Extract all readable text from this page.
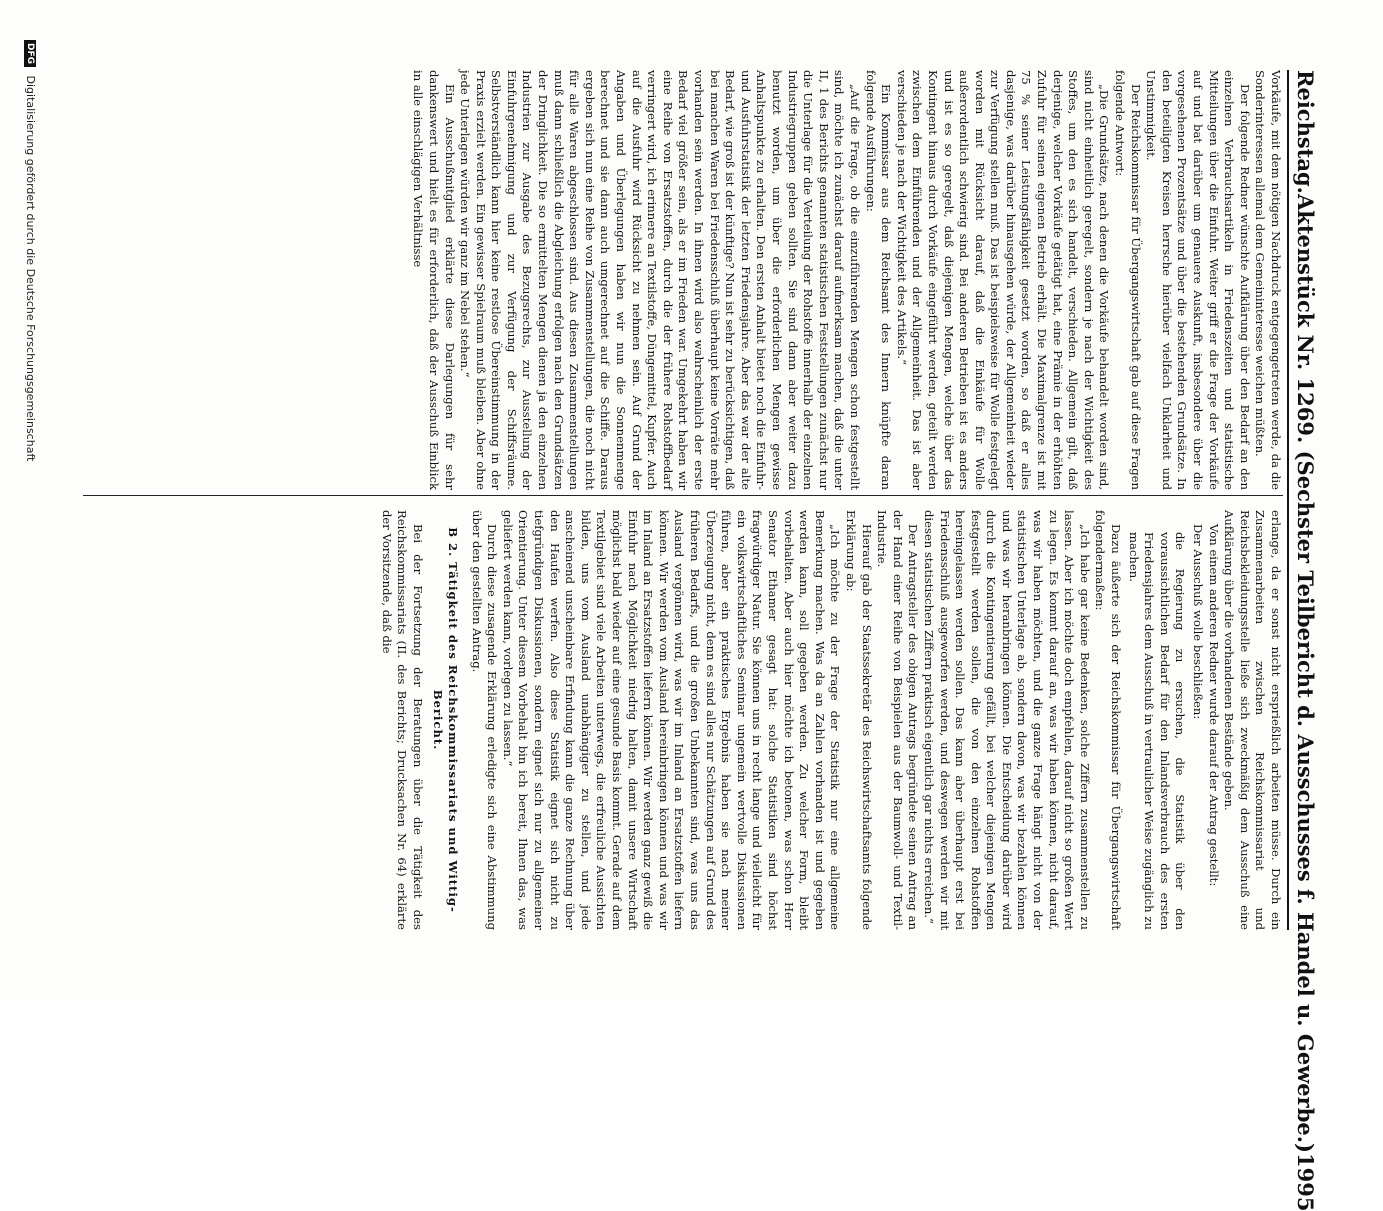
Reichstag.
Aktenstück Nr. 1269. (Sechster Teilbericht d. Ausschusses f. Handel u. Gewerbe.)
1995

Vorkäufe, mit dem nötigen Nachdruck entgegengetreten werde, da die Sonderinteressen allemal dem Gemeininteresse weichen müßten.

Der folgende Redner wünschte Aufklärung über den Bedarf an den einzelnen Verbrauchsartikeln in Friedenszeiten und statistische Mitteilungen über die Einfuhr. Weiter griff er die Frage der Vorkäufe auf und bat darüber um genauere Auskunft, insbesondere über die vorgesehenen Prozentsätze und über die bestehenden Grundsätze. In den beteiligten Kreisen herrsche hierüber vielfach Unklarheit und Unstimmigkeit.

Der Reichskommissar für Übergangswirtschaft gab auf diese Fragen folgende Antwort:

„Die Grundsätze, nach denen die Vorkäufe behandelt worden sind, sind nicht einheitlich geregelt, sondern je nach der Wichtigkeit des Stoffes, um den es sich handelt, verschieden. Allgemein gilt, daß derjenige, welcher Vorkäufe getätigt hat, eine Prämie in der erhöhten Zufuhr für seinen eigenen Betrieb erhält. Die Maximalgrenze ist mit 75 % seiner Leistungsfähigkeit gesetzt worden, so daß er alles dasjenige, was darüber hinausgehen würde, der Allgemeinheit wieder zur Verfügung stellen muß. Das ist beispielsweise für Wolle festgelegt worden mit Rücksicht darauf, daß die Einkäufe für Wolle außerordentlich schwierig sind. Bei anderen Betrieben ist es anders und ist es so geregelt, daß diejenigen Mengen, welche über das Kontingent hinaus durch Vorkäufe eingeführt werden, geteilt werden zwischen dem Einführenden und der Allgemeinheit. Das ist aber verschieden je nach der Wichtigkeit des Artikels.“

Ein Kommissar aus dem Reichsamt des Innern knüpfte daran folgende Ausführungen:

„Auf die Frage, ob die einzuführenden Mengen schon festgestellt sind, möchte ich zunächst darauf aufmerksam machen, daß die unter II, 1 des Berichts genannten statistischen Feststellungen zunächst nur die Unterlage für die Verteilung der Rohstoffe innerhalb der einzelnen Industriegruppen geben sollten. Sie sind dann aber weiter dazu benutzt worden, um über die erforderlichen Mengen gewisse Anhaltspunkte zu erhalten. Den ersten Anhalt bietet noch die Einfuhr- und Ausfuhrstatistik der letzten Friedensjahre. Aber das war der alte Bedarf, wie groß ist der künftige? Nun ist sehr zu berücksichtigen, daß bei manchen Waren bei Friedensschluß überhaupt keine Vorräte mehr vorhanden sein werden. In ihnen wird also wahrscheinlich der erste Bedarf viel größer sein, als er im Frieden war. Umgekehrt haben wir eine Reihe von Ersatzstoffen, durch die der frühere Rohstoffbedarf verringert wird, ich erinnere an Textilstoffe, Düngemittel, Kupfer. Auch auf die Ausfuhr wird Rücksicht zu nehmen sein. Auf Grund der Angaben und Überlegungen haben wir nun die Sonnenmenge berechnet und sie dann auch umgerechnet auf die Schiffe. Daraus ergeben sich nun eine Reihe von Zusammenstellungen, die noch nicht für alle Waren abgeschlossen sind. Aus diesen Zusammenstellungen muß dann schließlich die Abgleichung erfolgen nach den Grundsätzen der Dringlichkeit. Die so ermittelten Mengen dienen ja den einzelnen Industrien zur Ausgabe des Bezugsrechts, zur Ausstellung der Einfuhrgenehmigung und zur Verfügung der Schiffsräume. Selbstverständlich kann hier keine restlose Übereinstimmung in der Praxis erzielt werden. Ein gewisser Spielraum muß bleiben. Aber ohne jede Unterlagen würden wir ganz im Nebel stehen.“

Ein Ausschußmitglied erklärte diese Darlegungen für sehr dankenswert und hielt es für erforderlich, daß der Ausschuß Einblick in alle einschlägigen Verhältnisse

erlange, da er sonst nicht ersprießlich arbeiten müsse. Durch ein Zusammenarbeiten zwischen Reichskommissariat und Reichsbekleidungsstelle ließe sich zweckmäßig dem Ausschuß eine Aufklärung über die vorhandenen Bestände geben.

Von einem anderen Redner wurde darauf der Antrag gestellt:

Der Ausschuß wolle beschließen:

die Regierung zu ersuchen, die Statistik über den voraussichtlichen Bedarf für den Inlandsverbrauch des ersten Friedensjahres dem Ausschuß in vertraulicher Weise zugänglich zu machen.

Dazu äußerte sich der Reichskommissar für Übergangswirtschaft folgendermaßen:

„Ich habe gar keine Bedenken, solche Ziffern zusammenstellen zu lassen. Aber ich möchte doch empfehlen, darauf nicht so großen Wert zu legen. Es kommt darauf an, was wir haben können, nicht darauf, was wir haben möchten, und die ganze Frage hängt nicht von der statistischen Unterlage ab, sondern davon, was wir bezahlen können und was wir heranbringen können. Die Entscheidung darüber wird durch die Kontingentierung gefällt, bei welcher diejenigen Mengen festgestellt werden sollen, die von den einzelnen Rohstoffen hereingelassen werden sollen. Das kann aber überhaupt erst bei Friedensschluß ausgeworfen werden, und deswegen werden wir mit diesen statistischen Ziffern praktisch eigentlich gar nichts erreichen.“

Der Antragsteller des obigen Antrags begründete seinen Antrag an der Hand einer Reihe von Beispielen aus der Baumwoll- und Textil-Industrie.

Hierauf gab der Staatssekretär des Reichswirtschaftsamts folgende Erklärung ab:

„Ich möchte zu der Frage der Statistik nur eine allgemeine Bemerkung machen. Was da an Zahlen vorhanden ist und gegeben werden kann, soll gegeben werden. Zu welcher Form, bleibt vorbehalten. Aber auch hier möchte ich betonen, was schon Herr Senator Ethamer gesagt hat: solche Statistiken sind höchst fragwürdiger Natur. Sie können uns in recht lange und vielleicht für ein volkswirtschaftliches Seminar ungemein wertvolle Diskussionen führen, aber ein praktisches Ergebnis haben sie nach meiner Überzeugung nicht, denn es sind alles nur Schätzungen auf Grund des früheren Bedarfs, und die großen Unbekannten sind, was uns das Ausland vergönnen wird, was wir im Inland an Ersatzstoffen liefern können. Wir werden vom Ausland hereinbringen können und was wir im Inland an Ersatzstoffen liefern können. Wir werden ganz gewiß die Einfuhr nach Möglichkeit niedrig halten, damit unsere Wirtschaft möglichst bald wieder auf eine gesunde Basis kommt. Gerade auf dem Textilgebiet sind viele Arbeiten unterwegs, die erfreuliche Aussichten bilden, uns vom Ausland unabhängiger zu stellen, und jede anscheinend unscheinbare Erfindung kann die ganze Rechnung über den Haufen werfen. Also diese Statistik eignet sich nicht zu tiefgründigen Diskussionen, sondern eignet sich nur zu allgemeiner Orientierung. Unter diesem Vorbehalt bin ich bereit, Ihnen das, was geliefert werden kann, vorlegen zu lassen.“

Durch diese zusagende Erklärung erledigte sich eine Abstimmung über den gestellten Antrag.

B 2. Tätigkeit des Reichskommissariats und Wittig-Bericht.

Bei der Fortsetzung der Beratungen über die Tätigkeit des Reichskommissariats (II. des Berichts; Drucksachen Nr. 64) erklärte der Vorsitzende, daß die

DFG Digitalisierung gefördert durch die Deutsche Forschungsgemeinschaft
